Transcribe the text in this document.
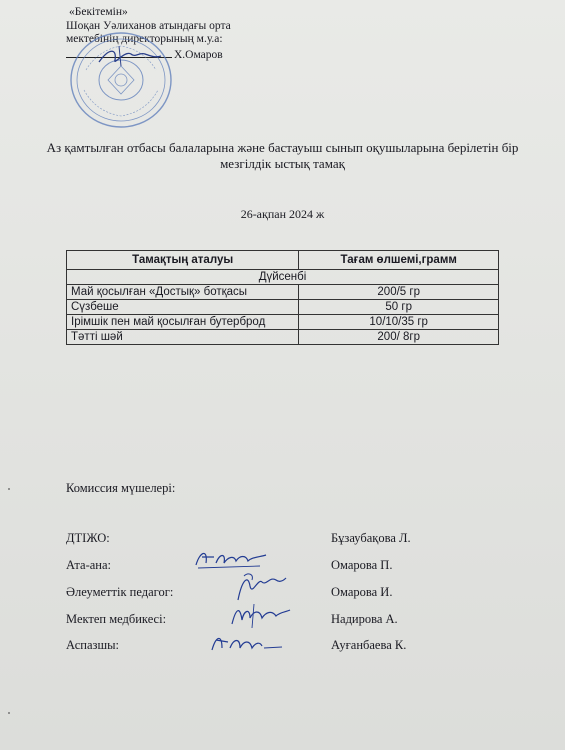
«Бекітемін»
Шоқан Уәлиханов атындағы орта
мектебінің директорының м.у.а:
Х.Омаров
Аз қамтылған отбасы балаларына және бастауыш сынып оқушыларына берілетін бір мезгілдік ыстық тамақ
26-ақпан 2024 ж
Тамақтың аталуы	Тағам өлшемі,грамм
Дүйсенбі	
Май қосылған «Достық» ботқасы	200/5 гр
Сүзбеше	50 гр
Ірімшік пен май қосылған бутерброд	10/10/35 гр
Тәтті шәй	200/ 8гр
Комиссия мүшелері:
ДТІЖО:	Бұзаубақова Л.
Ата-ана:	Омарова П.
Әлеуметтік педагог:	Омарова И.
Мектеп медбикесі:	Надирова А.
Аспазшы:	Ауғанбаева К.
